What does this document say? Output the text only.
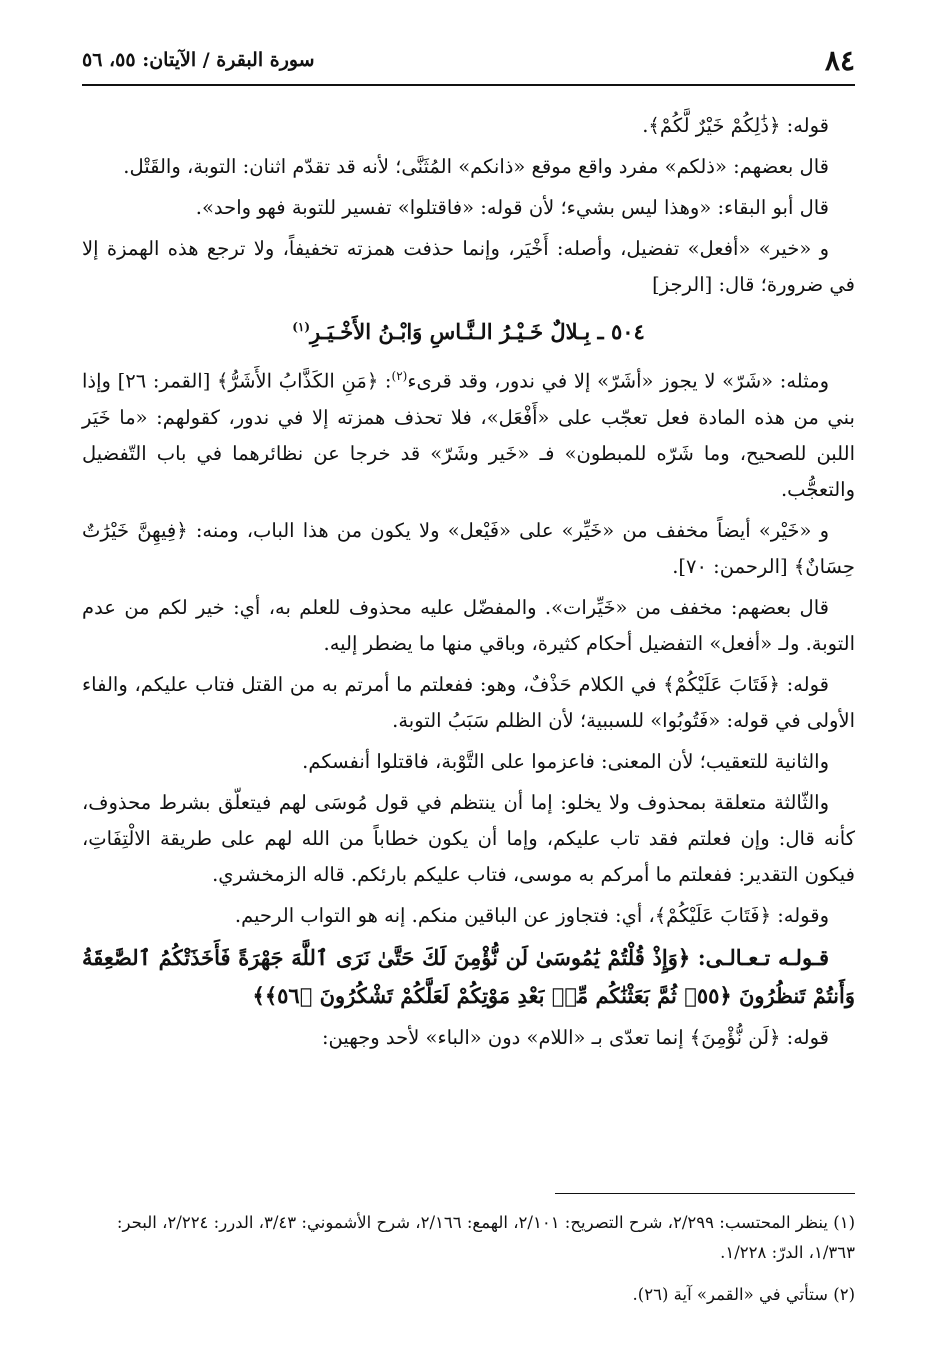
٨٤
سورة البقرة / الآيتان: ٥٥، ٥٦

قوله: ﴿ذَٰلِكُمْ خَيْرٌ لَّكُمْ﴾.

قال بعضهم: «ذلكم» مفرد واقع موقع «ذانكم» المُثَنَّى؛ لأنه قد تقدّم اثنان: التوبة، والقَتْل.

قال أبو البقاء: «وهذا ليس بشيء؛ لأن قوله: «فاقتلوا» تفسير للتوبة فهو واحد».

و «خير» «أفعل» تفضيل، وأصله: أَخْيَر، وإنما حذفت همزته تخفيفاً، ولا ترجع هذه الهمزة إلا في ضرورة؛ قال: [الرجز]

٥٠٤ ـ بِـلالٌ خَـيْـرُ الـنَّـاسِ وَابْـنُ الأَخْـيَـرِ$^{(١)}$

ومثله: «شَرّ» لا يجوز «أشَرّ» إلا في ندور، وقد قرىء$^{(٢)}$: ﴿مَنِ الكَذَّابُ الأَشَرُّ﴾ [القمر: ٢٦] وإذا بني من هذه المادة فعل تعجّب على «أَفْعَل»، فلا تحذف همزته إلا في ندور، كقولهم: «ما خَيَر اللبن للصحيح، وما شَرّه للمبطون» فـ «خَير وشَرّ» قد خرجا عن نظائرهما في باب التّفضيل والتعجُّب.

و «خَيْر» أيضاً مخفف من «خَيِّر» على «فَيْعل» ولا يكون من هذا الباب، ومنه: ﴿فِيهِنَّ خَيْرَٰتٌ حِسَانٌ﴾ [الرحمن: ٧٠].

قال بعضهم: مخفف من «خَيِّرات». والمفضّل عليه محذوف للعلم به، أي: خير لكم من عدم التوبة. ولـ «أفعل» التفضيل أحكام كثيرة، وباقي منها ما يضطر إليه.

قوله: ﴿فَتَابَ عَلَيْكُمْ﴾ في الكلام حَذْفٌ، وهو: ففعلتم ما أمرتم به من القتل فتاب عليكم، والفاء الأولى في قوله: «فَتُوبُوا» للسببية؛ لأن الظلم سَبَبُ التوبة.

والثانية للتعقيب؛ لأن المعنى: فاعزموا على التَّوْبة، فاقتلوا أنفسكم.

والثّالثة متعلقة بمحذوف ولا يخلو: إما أن ينتظم في قول مُوسَى لهم فيتعلّق بشرط محذوف، كأنه قال: وإن فعلتم فقد تاب عليكم، وإما أن يكون خطاباً من الله لهم على طريقة الالْتِفَاتِ، فيكون التقدير: ففعلتم ما أمركم به موسى، فتاب عليكم بارئكم. قاله الزمخشري.

وقوله: ﴿فَتَابَ عَلَيْكُمْ﴾، أي: فتجاوز عن الباقين منكم. إنه هو التواب الرحيم.

قـولـه تـعـالـى: ﴿وَإِذْ قُلْتُمْ يَٰمُوسَىٰ لَن نُّؤْمِنَ لَكَ حَتَّىٰ نَرَى ٱللَّهَ جَهْرَةً فَأَخَذَتْكُمُ ٱلصَّٰعِقَةُ وَأَنتُمْ تَنظُرُونَ ﴿٥٥﴾ ثُمَّ بَعَثْنَٰكُم مِّنۢ بَعْدِ مَوْتِكُمْ لَعَلَّكُمْ تَشْكُرُونَ ﴿٥٦﴾﴾

قوله: ﴿لَن نُّؤْمِنَ﴾ إنما تعدّى بـ «اللام» دون «الباء» لأحد وجهين:

(١) ينظر المحتسب: ٢/٢٩٩، شرح التصريح: ٢/١٠١، الهمع: ٢/١٦٦، شرح الأشموني: ٣/٤٣، الدرر: ٢/٢٢٤، البحر: ١/٣٦٣، الدرّ: ١/٢٢٨.

(٢) ستأتي في «القمر» آية (٢٦).
